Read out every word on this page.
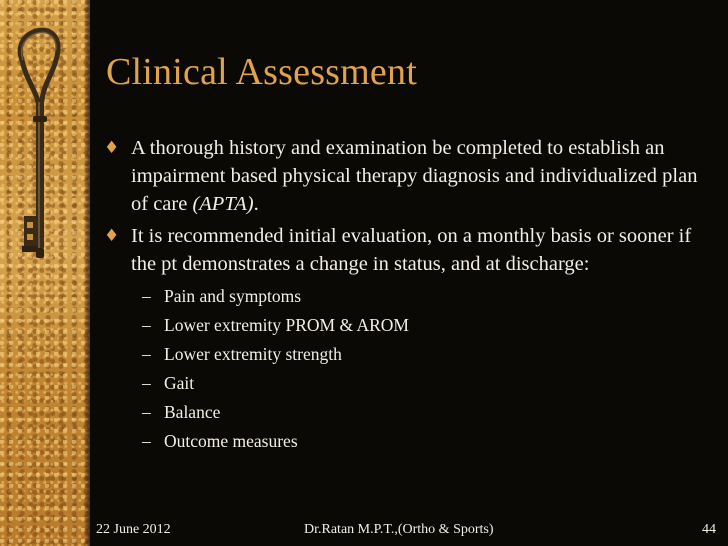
Clinical Assessment
♦ A thorough history and examination be completed to establish an impairment based physical therapy diagnosis and individualized plan of care (APTA).
♦ It is recommended initial evaluation, on a monthly basis or sooner if the pt demonstrates a change in status, and at discharge:
– Pain and symptoms
– Lower extremity PROM & AROM
– Lower extremity strength
– Gait
– Balance
– Outcome measures
22 June 2012	Dr.Ratan M.P.T.,(Ortho & Sports)	44
